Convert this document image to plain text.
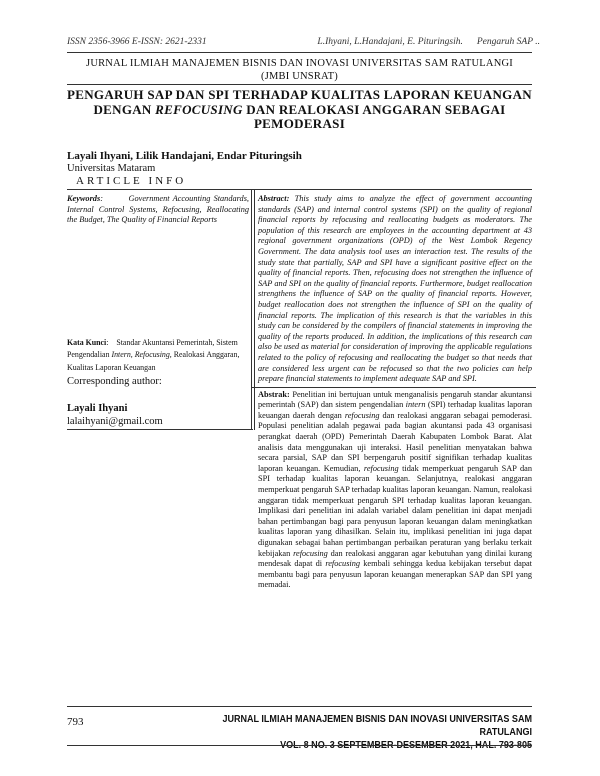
ISSN 2356-3966 E-ISSN: 2621-2331	L.Ihyani, L.Handajani, E. Pituringsih. Pengaruh SAP ..
JURNAL ILMIAH MANAJEMEN BISNIS DAN INOVASI UNIVERSITAS SAM RATULANGI
(JMBI UNSRAT)
PENGARUH SAP DAN SPI TERHADAP KUALITAS LAPORAN KEUANGAN DENGAN REFOCUSING DAN REALOKASI ANGGARAN SEBAGAI PEMODERASI
Layali Ihyani, Lilik Handajani, Endar Pituringsih
Universitas Mataram
ARTICLE INFO
Keywords:        Government Accounting Standards, Internal Control Systems, Refocusing, Reallocating the Budget, The Quality of Financial Reports
Kata Kunci:    Standar Akuntansi Pemerintah, Sistem Pengendalian Intern, Refocusing, Realokasi Anggaran, Kualitas Laporan Keuangan
Corresponding author:
Layali Ihyani
lalaihyani@gmail.com
Abstract: This study aims to analyze the effect of government accounting standards (SAP) and internal control systems (SPI) on the quality of regional financial reports by refocusing and reallocating budgets as moderators. The population of this research are employees in the accounting department at 43 regional government organizations (OPD) of the West Lombok Regency Government. The data analysis tool uses an interaction test. The results of the study state that partially, SAP and SPI have a significant positive effect on the quality of financial reports. Then, refocusing does not strengthen the influence of SAP and SPI on the quality of financial reports. Furthermore, budget reallocation strengthens the influence of SAP on the quality of financial reports. However, budget reallocation does not strengthen the influence of SPI on the quality of financial reports. The implication of this research is that the variables in this study can be considered by the compilers of financial statements in improving the quality of the reports produced. In addition, the implications of this research can also be used as material for consideration of improving the applicable regulations related to the policy of refocusing and reallocating the budget so that needs that are considered less urgent can be refocused so that the two policies can help prepare financial statements to implement adequate SAP and SPI.
Abstrak: Penelitian ini bertujuan untuk menganalisis pengaruh standar akuntansi pemerintah (SAP) dan sistem pengendalian intern (SPI) terhadap kualitas laporan keuangan daerah dengan refocusing dan realokasi anggaran sebagai pemoderasi. Populasi penelitian adalah pegawai pada bagian akuntansi pada 43 organisasi perangkat daerah (OPD) Pemerintah Daerah Kabupaten Lombok Barat. Alat analisis data menggunakan uji interaksi. Hasil penelitian menyatakan bahwa secara parsial, SAP dan SPI berpengaruh positif signifikan terhadap kualitas laporan keuangan. Kemudian, refocusing tidak memperkuat pengaruh SAP dan SPI terhadap kualitas laporan keuangan. Selanjutnya, realokasi anggaran memperkuat pengaruh SAP terhadap kualitas laporan keuangan. Namun, realokasi anggaran tidak memperkuat pengaruh SPI terhadap kualitas laporan keuangan. Implikasi dari penelitian ini adalah variabel dalam penelitian ini dapat menjadi bahan pertimbangan bagi para penyusun laporan keuangan dalam meningkatkan kualitas laporan yang dihasilkan. Selain itu, implikasi penelitian ini juga dapat digunakan sebagai bahan pertimbangan perbaikan peraturan yang berlaku terkait kebijakan refocusing dan realokasi anggaran agar kebutuhan yang dinilai kurang mendesak dapat di refocusing kembali sehingga kedua kebijakan tersebut dapat membantu bagi para penyusun laporan keuangan menerapkan SAP dan SPI yang memadai.
793	JURNAL ILMIAH MANAJEMEN BISNIS DAN INOVASI UNIVERSITAS SAM RATULANGI
VOL. 8 NO. 3 SEPTEMBER-DESEMBER 2021, HAL. 793-805
